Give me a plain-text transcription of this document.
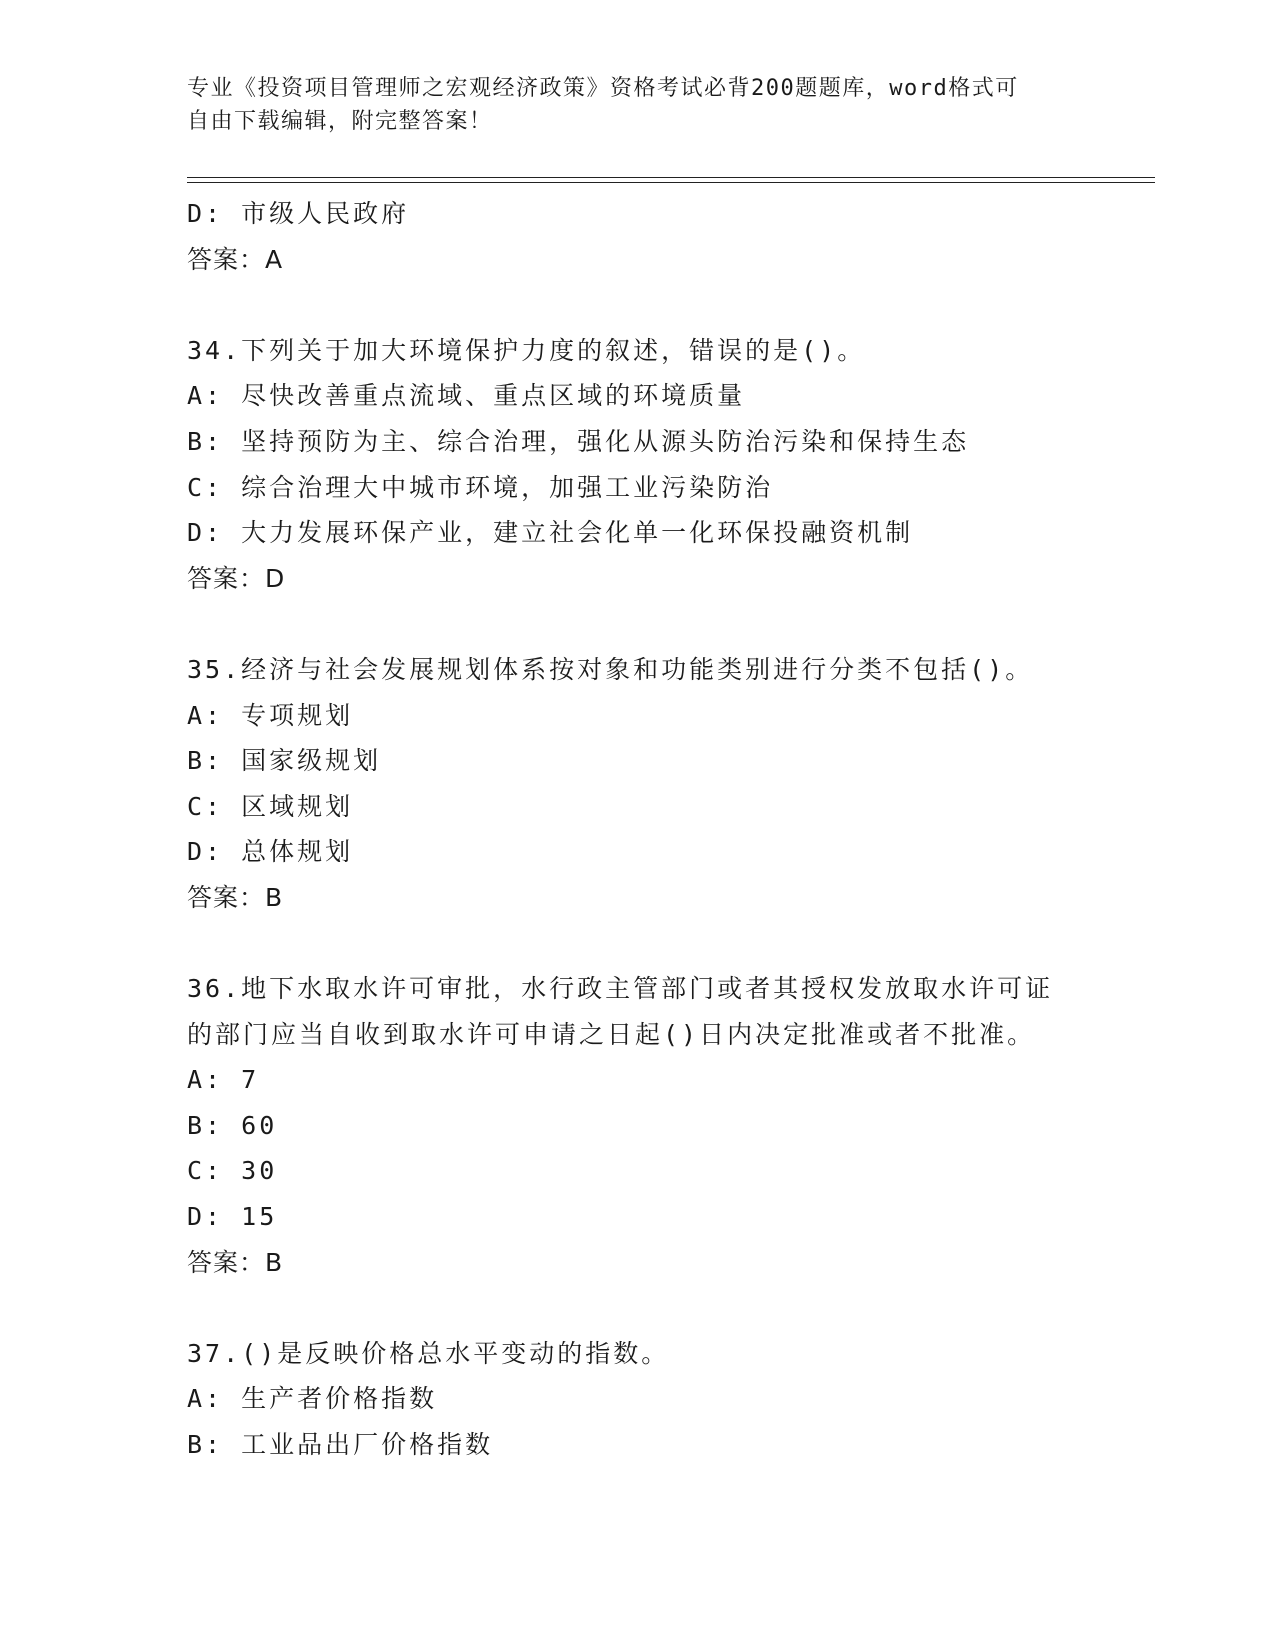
专业《投资项目管理师之宏观经济政策》资格考试必背200题题库，word格式可
自由下载编辑，附完整答案！
D: 市级人民政府
答案：A
34.下列关于加大环境保护力度的叙述，错误的是()。
A: 尽快改善重点流域、重点区域的环境质量
B: 坚持预防为主、综合治理，强化从源头防治污染和保持生态
C: 综合治理大中城市环境，加强工业污染防治
D: 大力发展环保产业，建立社会化单一化环保投融资机制
答案：D
35.经济与社会发展规划体系按对象和功能类别进行分类不包括()。
A: 专项规划
B: 国家级规划
C: 区域规划
D: 总体规划
答案：B
36.地下水取水许可审批，水行政主管部门或者其授权发放取水许可证
的部门应当自收到取水许可申请之日起()日内决定批准或者不批准。
A: 7
B: 60
C: 30
D: 15
答案：B
37.()是反映价格总水平变动的指数。
A: 生产者价格指数
B: 工业品出厂价格指数
